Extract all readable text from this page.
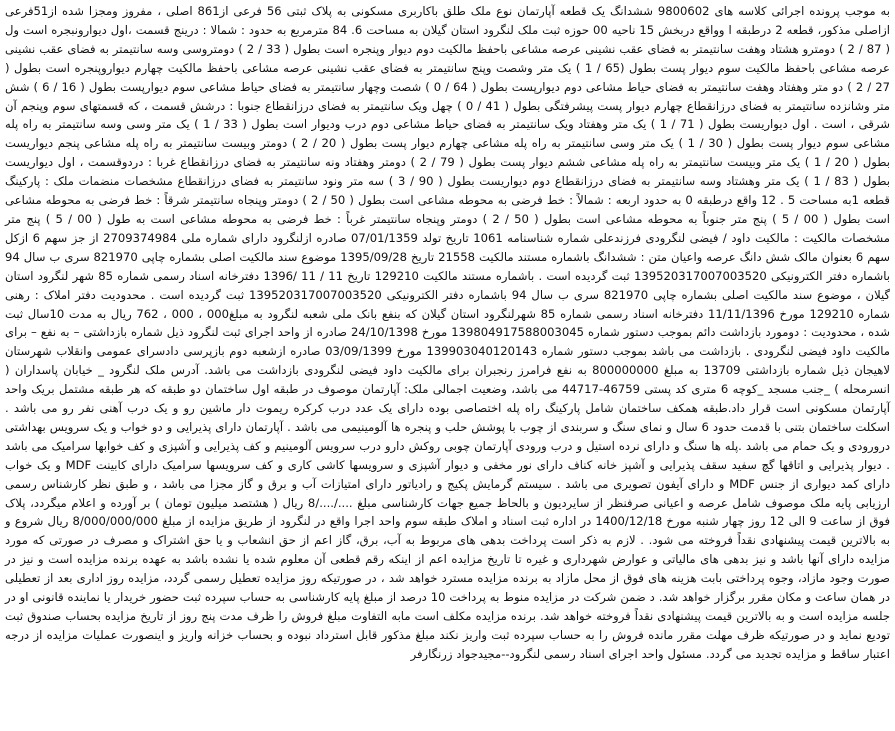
به موجب پرونده اجرائی کلاسه های 9800602 ششدانگ یک قطعه آپارتمان نوع ملک طلق باکاربری مسکونی به پلاک ثبتی 56 فرعی از861 اصلی ، مفروز ومجزا شده از51فرعی ازاصلی مذکور، قطعه 2 درطبقه ا وواقع دربخش 15 ناحیه 00 حوزه ثبت ملک لنگرود استان گیلان به مساحت 6. 84 مترمربع به حدود : شمالا : درینج قسمت ،اول دیوارونبجره است ول ( 87 / 2 ) دومترو هشتاد وهفت سانتیمتر به فضای عقب نشینی عرصه مشاعی باحفظ مالکیت دوم دیوار وپنجره است بطول ( 33 / 2 ) دومتروسی وسه سانتیمتر به فضای عقب نشینی عرصه مشاعی باحفظ مالکیت سوم دیوار پست بطول (65 / 1 ) یک متر وشصت وپنج سانتیمتر به فضای عقب نشینی عرصه مشاعی باحفظ مالکیت چهارم دیواروپنجره است بطول ( 27 / 2 ) دو متر وهفتاد وهفت سانتیمتر به فضای حیاط مشاعی دوم دیوارپست بطول ( 64 / 0 ) شصت وچهار سانتیمتر به فضای حیاط مشاعی سوم دیوارپست بطول ( 16 / 6 ) شش متر وشانزده سانتیمتر به فضای درزانقطاع چهارم دیوار پست پیشرفتگی بطول ( 41 / 0 ) چهل ویک سانتیمتر به فضای درزانقطاع جنوبا : درشش قسمت ، که قسمتهای سوم وپنجم آن شرقی ، است . اول دیواریست بطول ( 71 / 1 ) یک متر وهفتاد ویک سانتیمتر به فضای حیاط مشاعی دوم درب ودیوار است بطول ( 33 / 1 ) یک متر وسی وسه سانتیمتر به راه پله مشاعی سوم دیوار پست بطول ( 30 / 1 ) یک متر وسی سانتیمتر به راه پله مشاعی چهارم دیوار پست بطول ( 20 / 2 ) دومتر وبیست سانتیمتر به راه پله مشاعی پنجم دیواریست بطول ( 20 / 1 ) یک متر وبیست سانتیمتر به راه پله مشاعی ششم دیوار پست بطول ( 79 / 2 ) دومتر وهفتاد ونه سانتیمتر به فضای درزانقطاع غربا : دردوقسمت ، اول دیواریست بطول ( 83 / 1 ) یک متر وهشتاد وسه سانتیمتر به فضای درزانقطاع دوم دیواریست بطول ( 90 / 3 ) سه متر ونود سانتیمتر به فضای درزانقطاع مشخصات منضمات ملک : پارکینگ قطعه 1به مساحت 5 . 12 واقع درطبقه 0 به حدود اربعه : شمالاً : خط فرضی به محوطه مشاعی است بطول ( 50 / 2 ) دومتر وپنجاه سانتیمتر شرقاً : خط فرضی به محوطه مشاعی است بطول ( 00 / 5 ) پنج متر جنوباً به محوطه مشاعی است بطول ( 50 / 2 ) دومتر وپنجاه سانتیمتر غرباً : خط فرضی به محوطه مشاعی است به طول ( 00 / 5 ) پنج متر مشخصات مالکیت : مالکیت داود / فیضی لنگرودی فرزندعلی شماره شناسنامه 1061 تاریخ تولد 07/01/1359 صادره ازلنگرود دارای شماره ملی 2709374984 از جز سهم 6 ازکل سهم 6 بعنوان مالک شش دانگ عرصه واعیان متن : ششدانگ باشماره مستند مالکیت 21558 تاریخ 1395/09/28 موضوع سند مالکیت اصلی بشماره چاپی 821970 سری ب سال 94 باشماره دفتر الکترونیکی 139520317007003520 ثبت گردیده است . باشماره مستند مالکیت 129210 تاریخ 11 / 11 /1396 دفترخانه اسناد رسمی شماره 85 شهر لنگرود استان گیلان ، موضوع سند مالکیت اصلی بشماره چاپی 821970 سری ب سال 94 باشماره دفتر الکترونیکی 139520317007003520 ثبت گردیده است . محدودیت دفتر املاک : رهنی شماره 129210 مورخ 11/11/1396 دفترخانه اسناد رسمی شماره 85 شهرلنگرود استان گیلان که بنفع بانک ملی شعبه لنگرود به مبلغ000 ، 000 ، 762 ریال به مدت 10سال ثبت شده ، محدودیت : دومورد بازداشت دائم بموجب دستور شماره 139804917588003045 مورخ 24/10/1398 صادره از واحد اجرای ثبت لنگرود ذیل شماره بازداشتی – به نفع – برای مالکیت داود فیضی لنگرودی . بازداشت می باشد بموجب دستور شماره 139903040120143 مورخ 03/09/1399 صادره ازشعبه دوم بازپرسی دادسرای عمومی وانقلاب شهرستان لاهیجان ذیل شماره بازداشتی 13709 به مبلغ 800000000 به نفع فرامرز رنجبران برای مالکیت داود فیضی لنگرودی بازداشت می باشد. آدرس ملک لنگرود _ خیابان پاسداران ( انسرمحله ) _جنب مسجد _کوچه 6 متری کد پستی 46759-44717 می باشد، وضعیت اجمالی ملک: آپارتمان موصوف در طبقه اول ساختمان دو طبقه که هر طبقه مشتمل بریک واحد آپارتمان مسکونی است قرار داد.طبقه همکف ساختمان شامل پارکینگ راه پله اختصاصی بوده دارای یک عدد درب کرکره ریموت دار ماشین رو و یک درب آهنی نفر رو می باشد . اسکلت ساختمان بتنی با قدمت حدود 6 سال و نمای سنگ و سربندی از چوب با پوشش حلب و پنجره ها آلومینیمی می باشد . آپارتمان دارای پذیرایی و دو خواب و یک سرویس بهداشتی درورودی و یک حمام می باشد .پله ها سنگ و دارای نرده استیل و درب ورودی آپارتمان چوبی روکش دارو درب سرویس آلومینیم و کف پذیرایی و آشپزی و کف خوابها سرامیک می باشد . دیوار پذیرایی و اتاقها گچ سفید سقف پذیرایی و آشپز خانه کناف دارای نور مخفی و دیوار آشپزی و سرویسها کاشی کاری و کف سرویسها سرامیک دارای کابینت MDF و یک خواب دارای کمد دیواری از جنس MDF و دارای آیفون تصویری می باشد . سیستم گرمایش پکیج و رادیاتور دارای امتیازات آب و برق و گاز مجزا می باشد ، و طبق نظر کارشناس رسمی ارزیابی پایه ملک موصوف شامل عرصه و اعیانی صرفنظر از سایردیون و بالحاظ جمیع جهات کارشناسی مبلغ ..../..../8 ریال ( هشتصد میلیون تومان ) بر آورده و اعلام میگردد، پلاک فوق از ساعت 9 الی 12 روز چهار شنبه مورخ 1400/12/18 در اداره ثبت اسناد و املاک طبقه سوم واحد اجرا واقع در لنگرود از طریق مزایده از مبلغ 8/000/000/000 ریال شروع و به بالاترین قیمت پیشنهادی نقداً فروخته می شود. . لازم به ذکر است پرداخت بدهی های مربوط به آب، برق، گاز اعم از حق انشعاب و یا حق اشتراک و مصرف در صورتی که مورد مزایده دارای آنها باشد و نیز بدهی های مالیاتی و عوارض شهرداری و غیره تا تاریخ مزایده اعم از اینکه رقم قطعی آن معلوم شده یا نشده باشد به عهده برنده مزایده است و نیز در صورت وجود مازاد، وجوه پرداختی بابت هزینه های فوق از محل مازاد به برنده مزایده مسترد خواهد شد ، در صورتیکه روز مزایده تعطیل رسمی گردد، مزایده روز اداری بعد از تعطیلی در همان ساعت و مکان مقرر برگزار خواهد شد. د ضمن شرکت در مزایده منوط به پرداخت 10 درصد از مبلغ پایه کارشناسی به حساب سپرده ثبت حضور خریدار یا نماینده قانونی او در جلسه مزایده است و به بالاترین قیمت پیشنهادی نقداً فروخته خواهد شد. برنده مزایده مکلف است مابه التفاوت مبلغ فروش را ظرف مدت پنج روز از تاریخ مزایده بحساب صندوق ثبت تودیع نماید و در صورتیکه ظرف مهلت مقرر مانده فروش را به حساب سپرده ثبت واریز نکند مبلغ مذکور قابل استرداد نبوده و بحساب خزانه واریز و اینصورت عملیات مزایده از درجه اعتبار ساقط و مزایده تجدید می گردد. مسئول واحد اجرای اسناد رسمی لنگرود--مجیدجواد زرنگارفر
